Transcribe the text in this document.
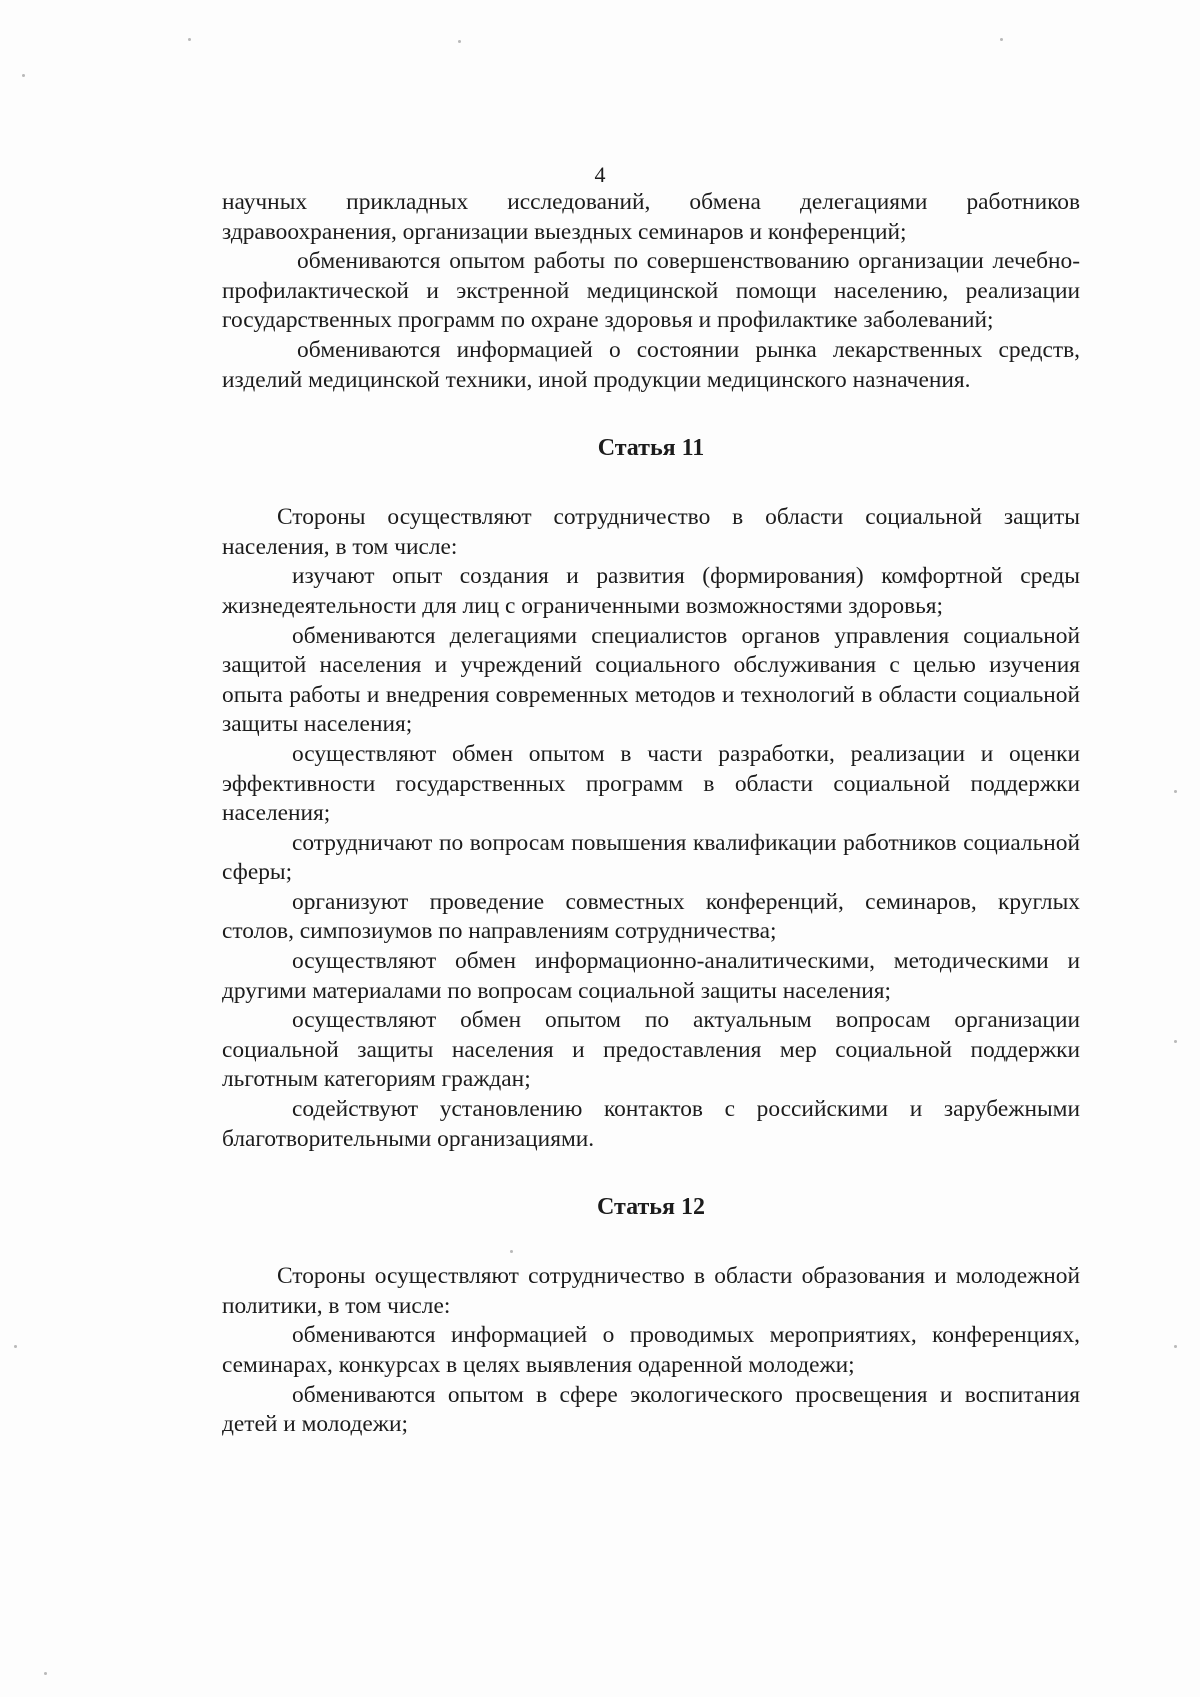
4

научных прикладных исследований, обмена делегациями работников здравоохранения, организации выездных семинаров и конференций;

обмениваются опытом работы по совершенствованию организации лечебно-профилактической и экстренной медицинской помощи населению, реализации государственных программ по охране здоровья и профилактике заболеваний;

обмениваются информацией о состоянии рынка лекарственных средств, изделий медицинской техники, иной продукции медицинского назначения.

Статья 11

Стороны осуществляют сотрудничество в области социальной защиты населения, в том числе:

изучают опыт создания и развития (формирования) комфортной среды жизнедеятельности для лиц с ограниченными возможностями здоровья;

обмениваются делегациями специалистов органов управления социальной защитой населения и учреждений социального обслуживания с целью изучения опыта работы и внедрения современных методов и технологий в области социальной защиты населения;

осуществляют обмен опытом в части разработки, реализации и оценки эффективности государственных программ в области социальной поддержки населения;

сотрудничают по вопросам повышения квалификации работников социальной сферы;

организуют проведение совместных конференций, семинаров, круглых столов, симпозиумов по направлениям сотрудничества;

осуществляют обмен информационно-аналитическими, методическими и другими материалами по вопросам социальной защиты населения;

осуществляют обмен опытом по актуальным вопросам организации социальной защиты населения и предоставления мер социальной поддержки льготным категориям граждан;

содействуют установлению контактов с российскими и зарубежными благотворительными организациями.

Статья 12

Стороны осуществляют сотрудничество в области образования и молодежной политики, в том числе:

обмениваются информацией о проводимых мероприятиях, конференциях, семинарах, конкурсах в целях выявления одаренной молодежи;

обмениваются опытом в сфере экологического просвещения и воспитания детей и молодежи;
